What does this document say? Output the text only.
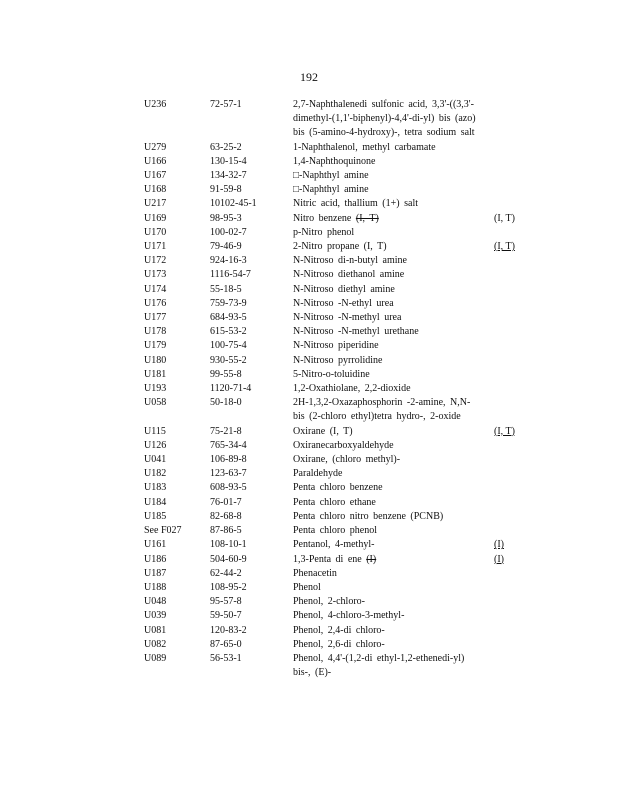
192
U236	72-57-1	2,7-Naphthalenedi sulfonic acid, 3,3'-((3,3'-dimethyl-(1,1'-biphenyl)-4,4'-di-yl) bis (azo) bis (5-amino-4-hydroxy)-, tetra sodium salt
U279	63-25-2	1-Naphthalenol, methyl carbamate
U166	130-15-4	1,4-Naphthoquinone
U167	134-32-7	□-Naphthyl amine
U168	91-59-8	□-Naphthyl amine
U217	10102-45-1	Nitric acid, thallium (1+) salt
U169	98-95-3	Nitro benzene (I, T)	(I, T)
U170	100-02-7	p-Nitro phenol
U171	79-46-9	2-Nitro propane (I, T)	(I, T)
U172	924-16-3	N-Nitroso di-n-butyl amine
U173	1116-54-7	N-Nitroso diethanol amine
U174	55-18-5	N-Nitroso diethyl amine
U176	759-73-9	N-Nitroso -N-ethyl urea
U177	684-93-5	N-Nitroso -N-methyl urea
U178	615-53-2	N-Nitroso -N-methyl urethane
U179	100-75-4	N-Nitroso piperidine
U180	930-55-2	N-Nitroso pyrrolidine
U181	99-55-8	5-Nitro-o-toluidine
U193	1120-71-4	1,2-Oxathiolane, 2,2-dioxide
U058	50-18-0	2H-1,3,2-Oxazaphosphorin -2-amine, N,N-bis (2-chloro ethyl)tetra hydro-, 2-oxide
U115	75-21-8	Oxirane (I, T)	(I, T)
U126	765-34-4	Oxiranecarboxyaldehyde
U041	106-89-8	Oxirane, (chloro methyl)-
U182	123-63-7	Paraldehyde
U183	608-93-5	Penta chloro benzene
U184	76-01-7	Penta chloro ethane
U185	82-68-8	Penta chloro nitro benzene (PCNB)
See F027	87-86-5	Penta chloro phenol
U161	108-10-1	Pentanol, 4-methyl-	(I)
U186	504-60-9	1,3-Penta di ene (I)	(I)
U187	62-44-2	Phenacetin
U188	108-95-2	Phenol
U048	95-57-8	Phenol, 2-chloro-
U039	59-50-7	Phenol, 4-chloro-3-methyl-
U081	120-83-2	Phenol, 2,4-di chloro-
U082	87-65-0	Phenol, 2,6-di chloro-
U089	56-53-1	Phenol, 4,4'-(1,2-di ethyl-1,2-ethenedi-yl) bis-, (E)-
